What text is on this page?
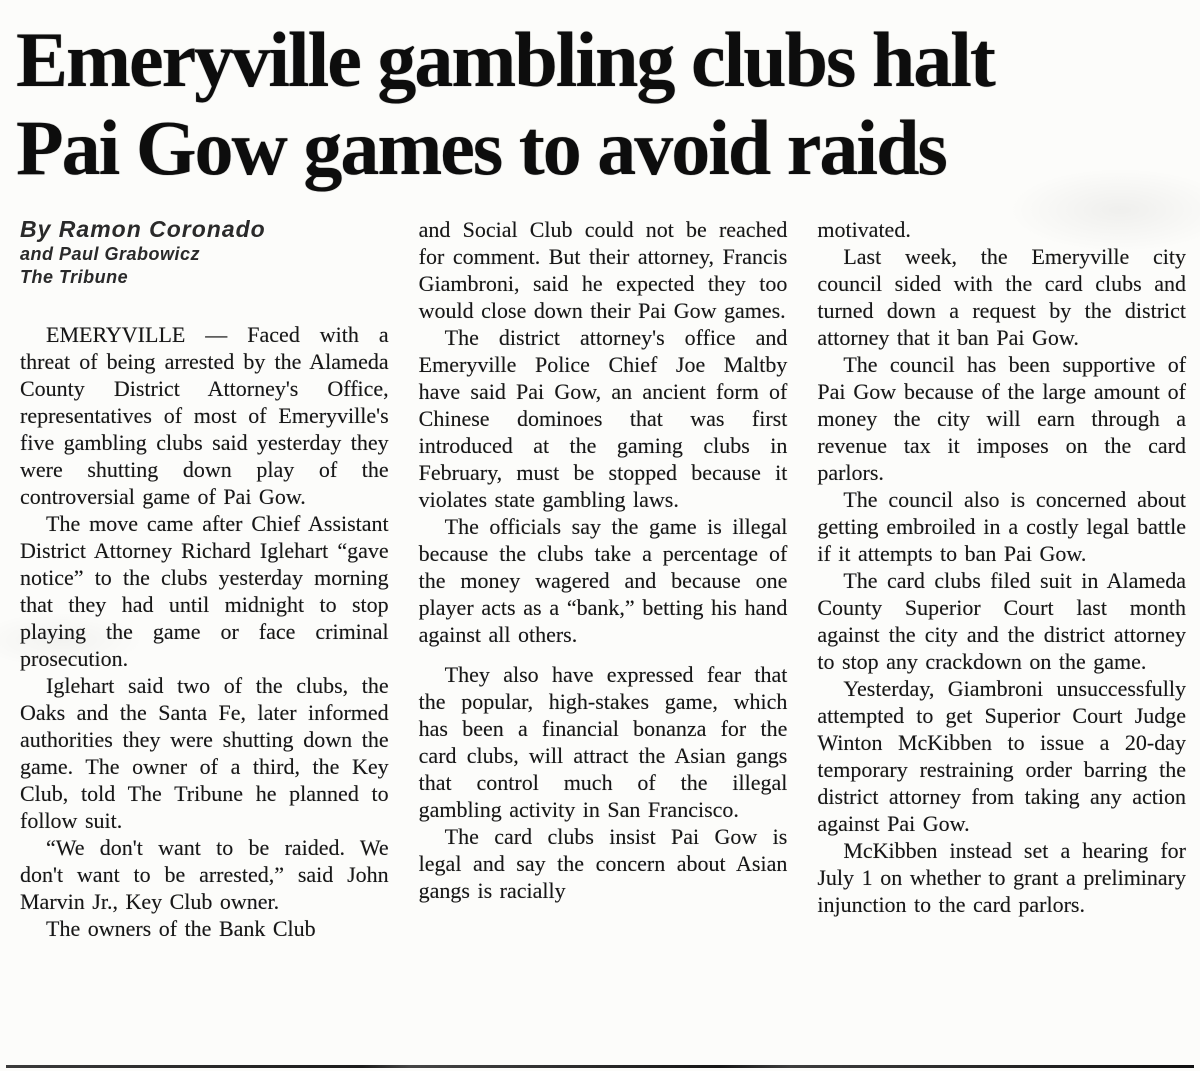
Emeryville gambling clubs halt
Pai Gow games to avoid raids
By Ramon Coronado
and Paul Grabowicz
The Tribune

EMERYVILLE — Faced with a threat of being arrested by the Alameda County District Attorney's Office, representatives of most of Emeryville's five gambling clubs said yesterday they were shutting down play of the controversial game of Pai Gow.

The move came after Chief Assistant District Attorney Richard Iglehart “gave notice” to the clubs yesterday morning that they had until midnight to stop playing the game or face criminal prosecution.

Iglehart said two of the clubs, the Oaks and the Santa Fe, later informed authorities they were shutting down the game. The owner of a third, the Key Club, told The Tribune he planned to follow suit.

“We don't want to be raided. We don't want to be arrested,” said John Marvin Jr., Key Club owner.

The owners of the Bank Club

and Social Club could not be reached for comment. But their attorney, Francis Giambroni, said he expected they too would close down their Pai Gow games.

The district attorney's office and Emeryville Police Chief Joe Maltby have said Pai Gow, an ancient form of Chinese dominoes that was first introduced at the gaming clubs in February, must be stopped because it violates state gambling laws.

The officials say the game is illegal because the clubs take a percentage of the money wagered and because one player acts as a “bank,” betting his hand against all others.

They also have expressed fear that the popular, high-stakes game, which has been a financial bonanza for the card clubs, will attract the Asian gangs that control much of the illegal gambling activity in San Francisco.

The card clubs insist Pai Gow is legal and say the concern about Asian gangs is racially

motivated.

Last week, the Emeryville city council sided with the card clubs and turned down a request by the district attorney that it ban Pai Gow.

The council has been supportive of Pai Gow because of the large amount of money the city will earn through a revenue tax it imposes on the card parlors.

The council also is concerned about getting embroiled in a costly legal battle if it attempts to ban Pai Gow.

The card clubs filed suit in Alameda County Superior Court last month against the city and the district attorney to stop any crackdown on the game.

Yesterday, Giambroni unsuccessfully attempted to get Superior Court Judge Winton McKibben to issue a 20-day temporary restraining order barring the district attorney from taking any action against Pai Gow.

McKibben instead set a hearing for July 1 on whether to grant a preliminary injunction to the card parlors.
